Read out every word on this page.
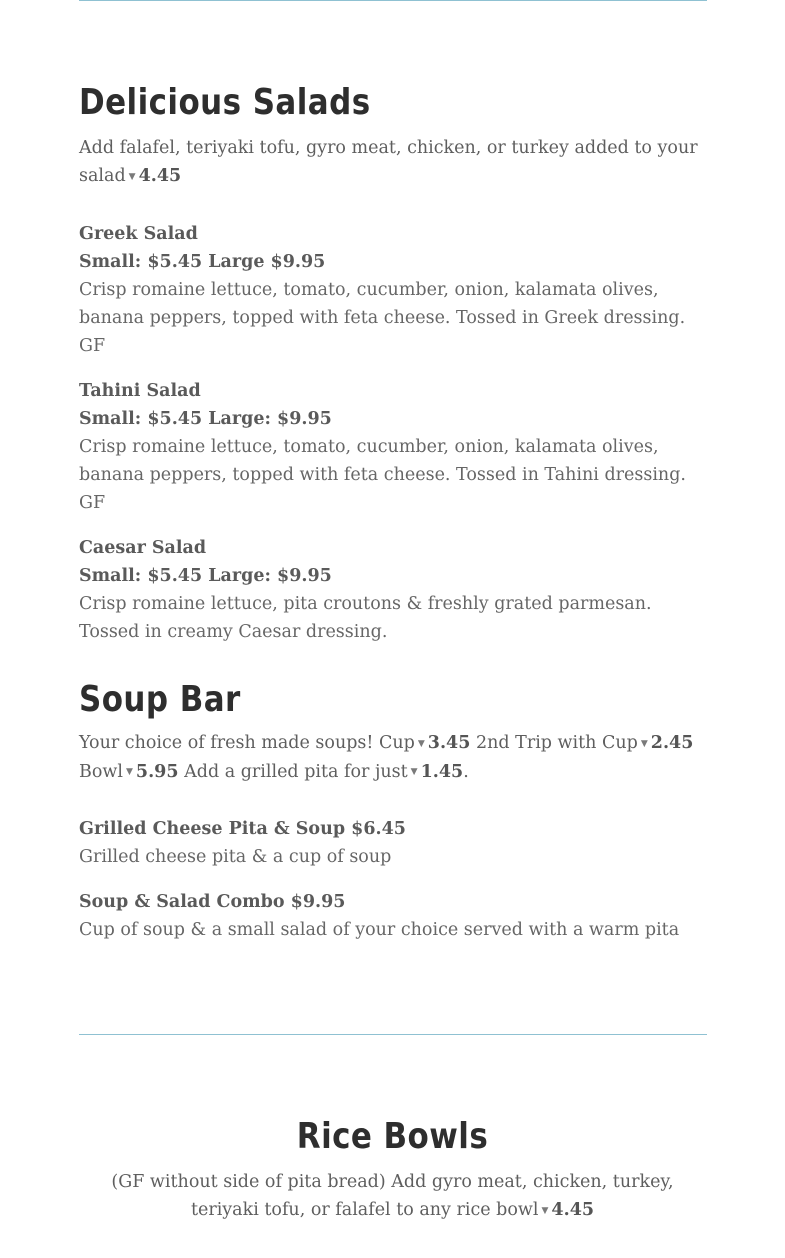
Delicious Salads

Add falafel, teriyaki tofu, gyro meat, chicken, or turkey added to your salad ▼ 4.45

Greek Salad

Small: $5.45 Large $9.95

Crisp romaine lettuce, tomato, cucumber, onion, kalamata olives, banana peppers, topped with feta cheese. Tossed in Greek dressing. GF

Tahini Salad

Small: $5.45 Large: $9.95

Crisp romaine lettuce, tomato, cucumber, onion, kalamata olives, banana peppers, topped with feta cheese. Tossed in Tahini dressing. GF

Caesar Salad

Small: $5.45 Large: $9.95

Crisp romaine lettuce, pita croutons & freshly grated parmesan. Tossed in creamy Caesar dressing.

Soup Bar

Your choice of fresh made soups! Cup ▼ 3.45 2nd Trip with Cup ▼ 2.45 Bowl ▼ 5.95 Add a grilled pita for just ▼ 1.45.

Grilled Cheese Pita & Soup $6.45

Grilled cheese pita & a cup of soup

Soup & Salad Combo $9.95

Cup of soup & a small salad of your choice served with a warm pita

Rice Bowls

(GF without side of pita bread) Add gyro meat, chicken, turkey, teriyaki tofu, or falafel to any rice bowl ▼ 4.45
